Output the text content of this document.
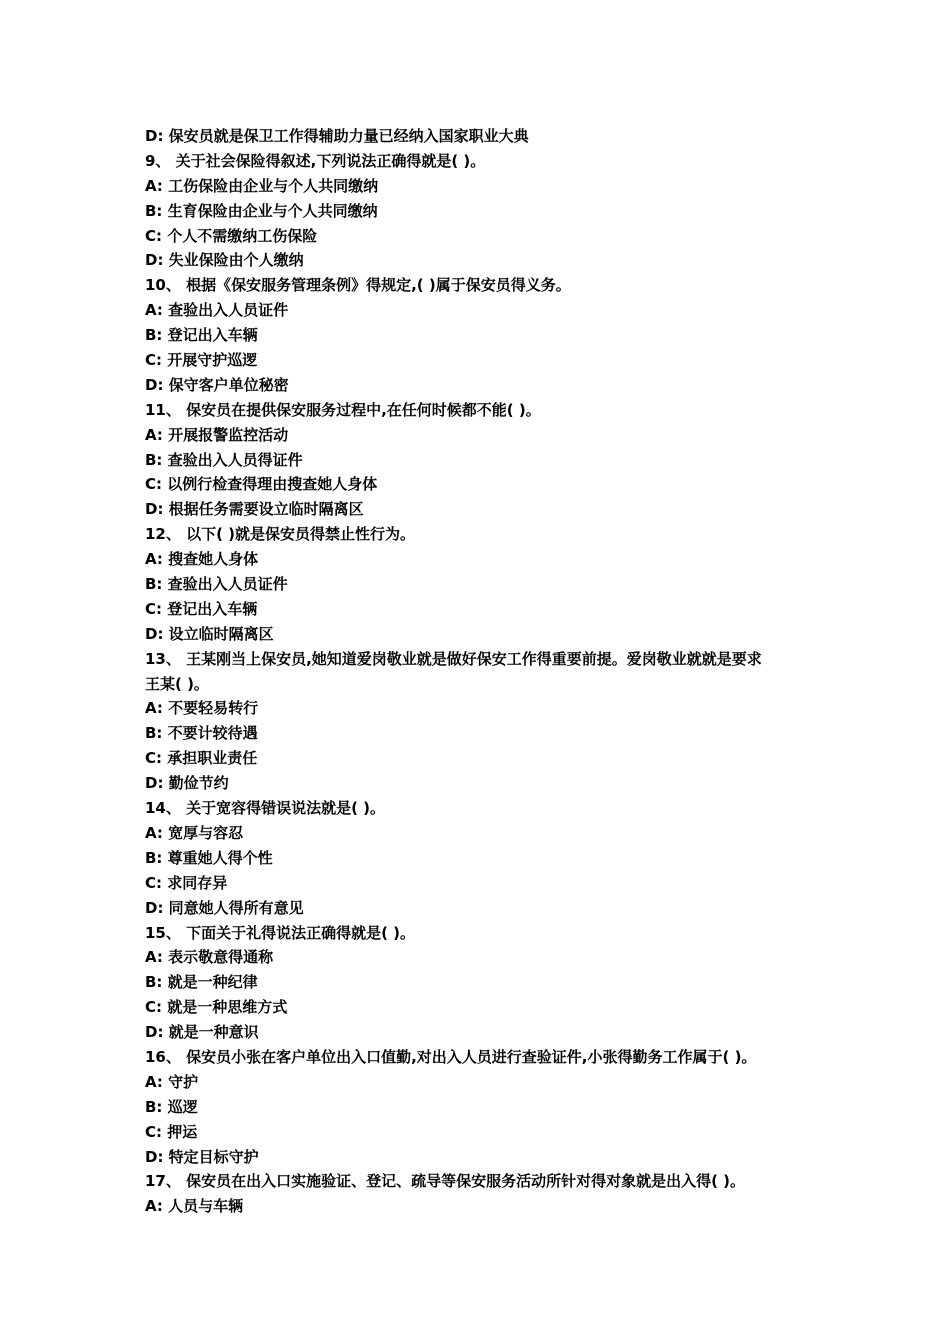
D: 保安员就是保卫工作得辅助力量已经纳入国家职业大典
9、 关于社会保险得叙述,下列说法正确得就是( )。
A: 工伤保险由企业与个人共同缴纳
B: 生育保险由企业与个人共同缴纳
C: 个人不需缴纳工伤保险
D: 失业保险由个人缴纳
10、 根据《保安服务管理条例》得规定,( )属于保安员得义务。
A: 查验出入人员证件
B: 登记出入车辆
C: 开展守护巡逻
D: 保守客户单位秘密
11、 保安员在提供保安服务过程中,在任何时候都不能( )。
A: 开展报警监控活动
B: 查验出入人员得证件
C: 以例行检查得理由搜查她人身体
D: 根据任务需要设立临时隔离区
12、 以下( )就是保安员得禁止性行为。
A: 搜查她人身体
B: 查验出入人员证件
C: 登记出入车辆
D: 设立临时隔离区
13、 王某刚当上保安员,她知道爱岗敬业就是做好保安工作得重要前提。爱岗敬业就就是要求
王某( )。
A: 不要轻易转行
B: 不要计较待遇
C: 承担职业责任
D: 勤俭节约
14、 关于宽容得错误说法就是( )。
A: 宽厚与容忍
B: 尊重她人得个性
C: 求同存异
D: 同意她人得所有意见
15、 下面关于礼得说法正确得就是( )。
A: 表示敬意得通称
B: 就是一种纪律
C: 就是一种思维方式
D: 就是一种意识
16、 保安员小张在客户单位出入口值勤,对出入人员进行查验证件,小张得勤务工作属于( )。
A: 守护
B: 巡逻
C: 押运
D: 特定目标守护
17、 保安员在出入口实施验证、登记、疏导等保安服务活动所针对得对象就是出入得( )。
A: 人员与车辆
